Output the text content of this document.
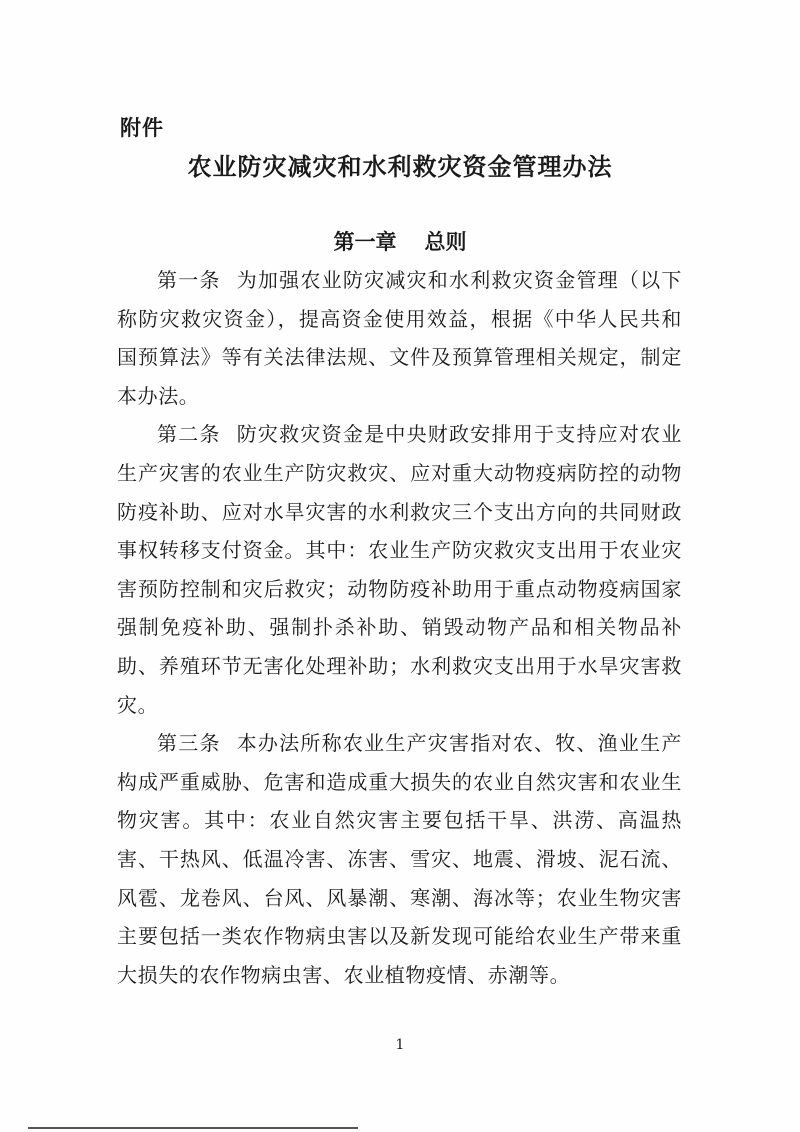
附件
农业防灾减灾和水利救灾资金管理办法
第一章 总则

第一条 为加强农业防灾减灾和水利救灾资金管理（以下称防灾救灾资金），提高资金使用效益，根据《中华人民共和国预算法》等有关法律法规、文件及预算管理相关规定，制定本办法。

第二条 防灾救灾资金是中央财政安排用于支持应对农业生产灾害的农业生产防灾救灾、应对重大动物疫病防控的动物防疫补助、应对水旱灾害的水利救灾三个支出方向的共同财政事权转移支付资金。其中：农业生产防灾救灾支出用于农业灾害预防控制和灾后救灾；动物防疫补助用于重点动物疫病国家强制免疫补助、强制扑杀补助、销毁动物产品和相关物品补助、养殖环节无害化处理补助；水利救灾支出用于水旱灾害救灾。

第三条 本办法所称农业生产灾害指对农、牧、渔业生产构成严重威胁、危害和造成重大损失的农业自然灾害和农业生物灾害。其中：农业自然灾害主要包括干旱、洪涝、高温热害、干热风、低温冷害、冻害、雪灾、地震、滑坡、泥石流、风雹、龙卷风、台风、风暴潮、寒潮、海冰等；农业生物灾害主要包括一类农作物病虫害以及新发现可能给农业生产带来重大损失的农作物病虫害、农业植物疫情、赤潮等。

1
